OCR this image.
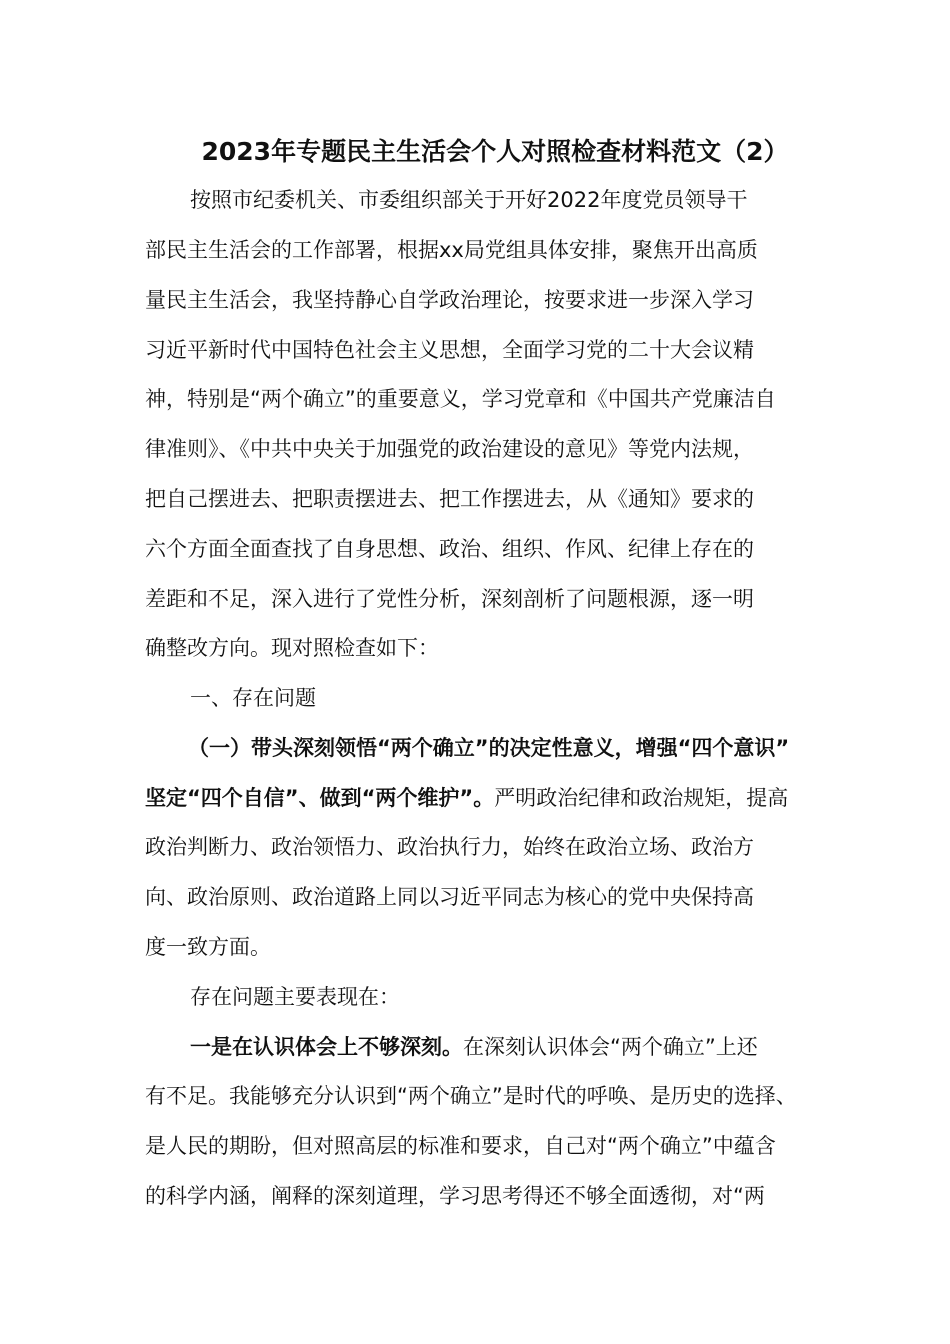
2023年专题民主生活会个人对照检查材料范文（2）
按照市纪委机关、市委组织部关于开好2022年度党员领导干
部民主生活会的工作部署，根据xx局党组具体安排，聚焦开出高质
量民主生活会，我坚持静心自学政治理论，按要求进一步深入学习
习近平新时代中国特色社会主义思想，全面学习党的二十大会议精
神，特别是“两个确立”的重要意义，学习党章和《中国共产党廉洁自
律准则》、《中共中央关于加强党的政治建设的意见》等党内法规，
把自己摆进去、把职责摆进去、把工作摆进去，从《通知》要求的
六个方面全面查找了自身思想、政治、组织、作风、纪律上存在的
差距和不足，深入进行了党性分析，深刻剖析了问题根源，逐一明
确整改方向。现对照检查如下：
一、存在问题
（一）带头深刻领悟“两个确立”的决定性意义，增强“四个意识”
坚定“四个自信”、做到“两个维护”。严明政治纪律和政治规矩，提高
政治判断力、政治领悟力、政治执行力，始终在政治立场、政治方
向、政治原则、政治道路上同以习近平同志为核心的党中央保持高
度一致方面。
存在问题主要表现在：
一是在认识体会上不够深刻。在深刻认识体会“两个确立”上还
有不足。我能够充分认识到“两个确立”是时代的呼唤、是历史的选择、
是人民的期盼，但对照高层的标准和要求，自己对“两个确立”中蕴含
的科学内涵，阐释的深刻道理，学习思考得还不够全面透彻，对“两
